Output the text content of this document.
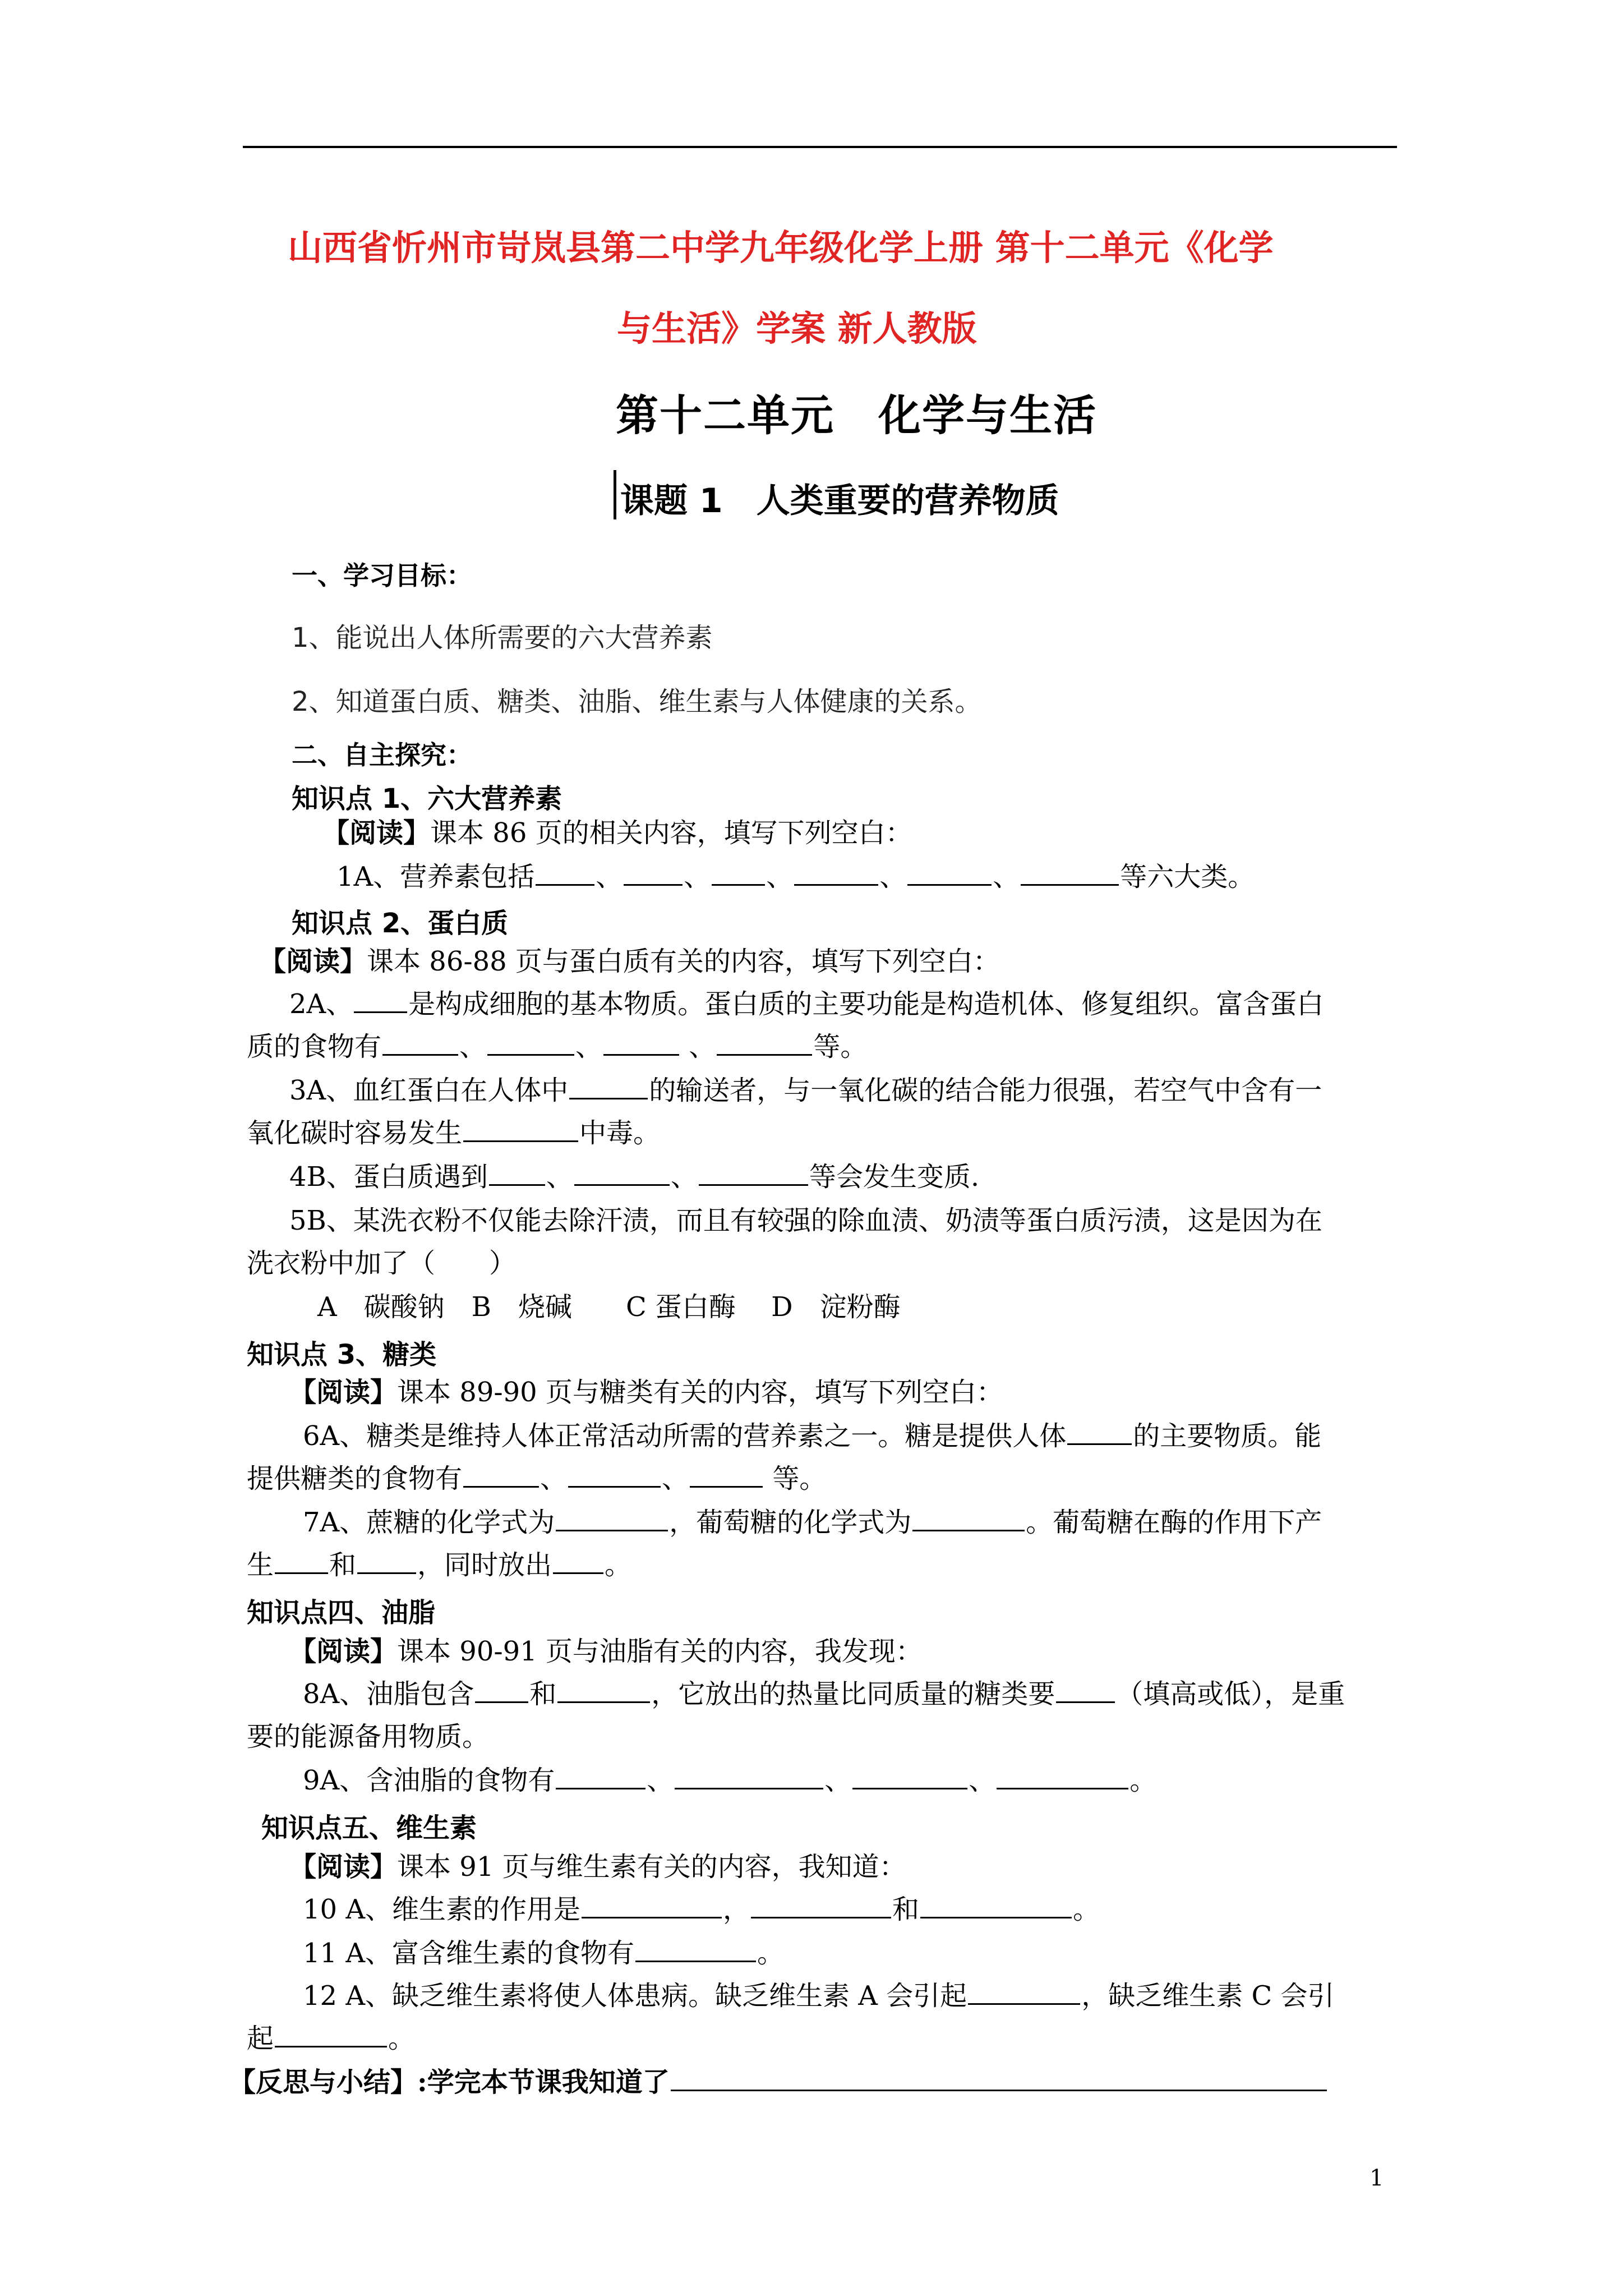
山西省忻州市岢岚县第二中学九年级化学上册 第十二单元《化学
与生活》学案 新人教版
第十二单元　化学与生活
课题 1　人类重要的营养物质
一、学习目标：
1、能说出人体所需要的六大营养素
2、知道蛋白质、糖类、油脂、维生素与人体健康的关系。
二、自主探究：
知识点 1、六大营养素
【阅读】课本 86 页的相关内容，填写下列空白：
1A、营养素包括 、 、 、	、	、	等六大类。
知识点 2、蛋白质
【阅读】课本 86-88 页与蛋白质有关的内容，填写下列空白：
2A、 是构成细胞的基本物质。蛋白质的主要功能是构造机体、修复组织。富含蛋白
质的食物有	、	、	、	等。
3A、血红蛋白在人体中	的输送者，与一氧化碳的结合能力很强，若空气中含有一
氧化碳时容易发生	中毒。
4B、蛋白质遇到 、	、	等会发生变质.
5B、某洗衣粉不仅能去除汗渍，而且有较强的除血渍、奶渍等蛋白质污渍，这是因为在
洗衣粉中加了（　　）
A　碳酸钠　B　烧碱　　C 蛋白酶　 D　淀粉酶
知识点 3、糖类
【阅读】课本 89-90 页与糖类有关的内容，填写下列空白：
6A、糖类是维持人体正常活动所需的营养素之一。糖是提供人体 的主要物质。能
提供糖类的食物有	、	、	等。
7A、蔗糖的化学式为	，葡萄糖的化学式为	。葡萄糖在酶的作用下产
生 和 ，同时放出 。
知识点四、油脂
【阅读】课本 90-91 页与油脂有关的内容，我发现：
8A、油脂包含 和	，它放出的热量比同质量的糖类要 （填高或低），是重
要的能源备用物质。
9A、含油脂的食物有	、	、	、	。
知识点五、维生素
【阅读】课本 91 页与维生素有关的内容，我知道：
10 A、维生素的作用是	，	和	。
11 A、富含维生素的食物有	。
12 A、缺乏维生素将使人体患病。缺乏维生素 A 会引起	，缺乏维生素 C 会引
起	。
【反思与小结】:学完本节课我知道了
1
